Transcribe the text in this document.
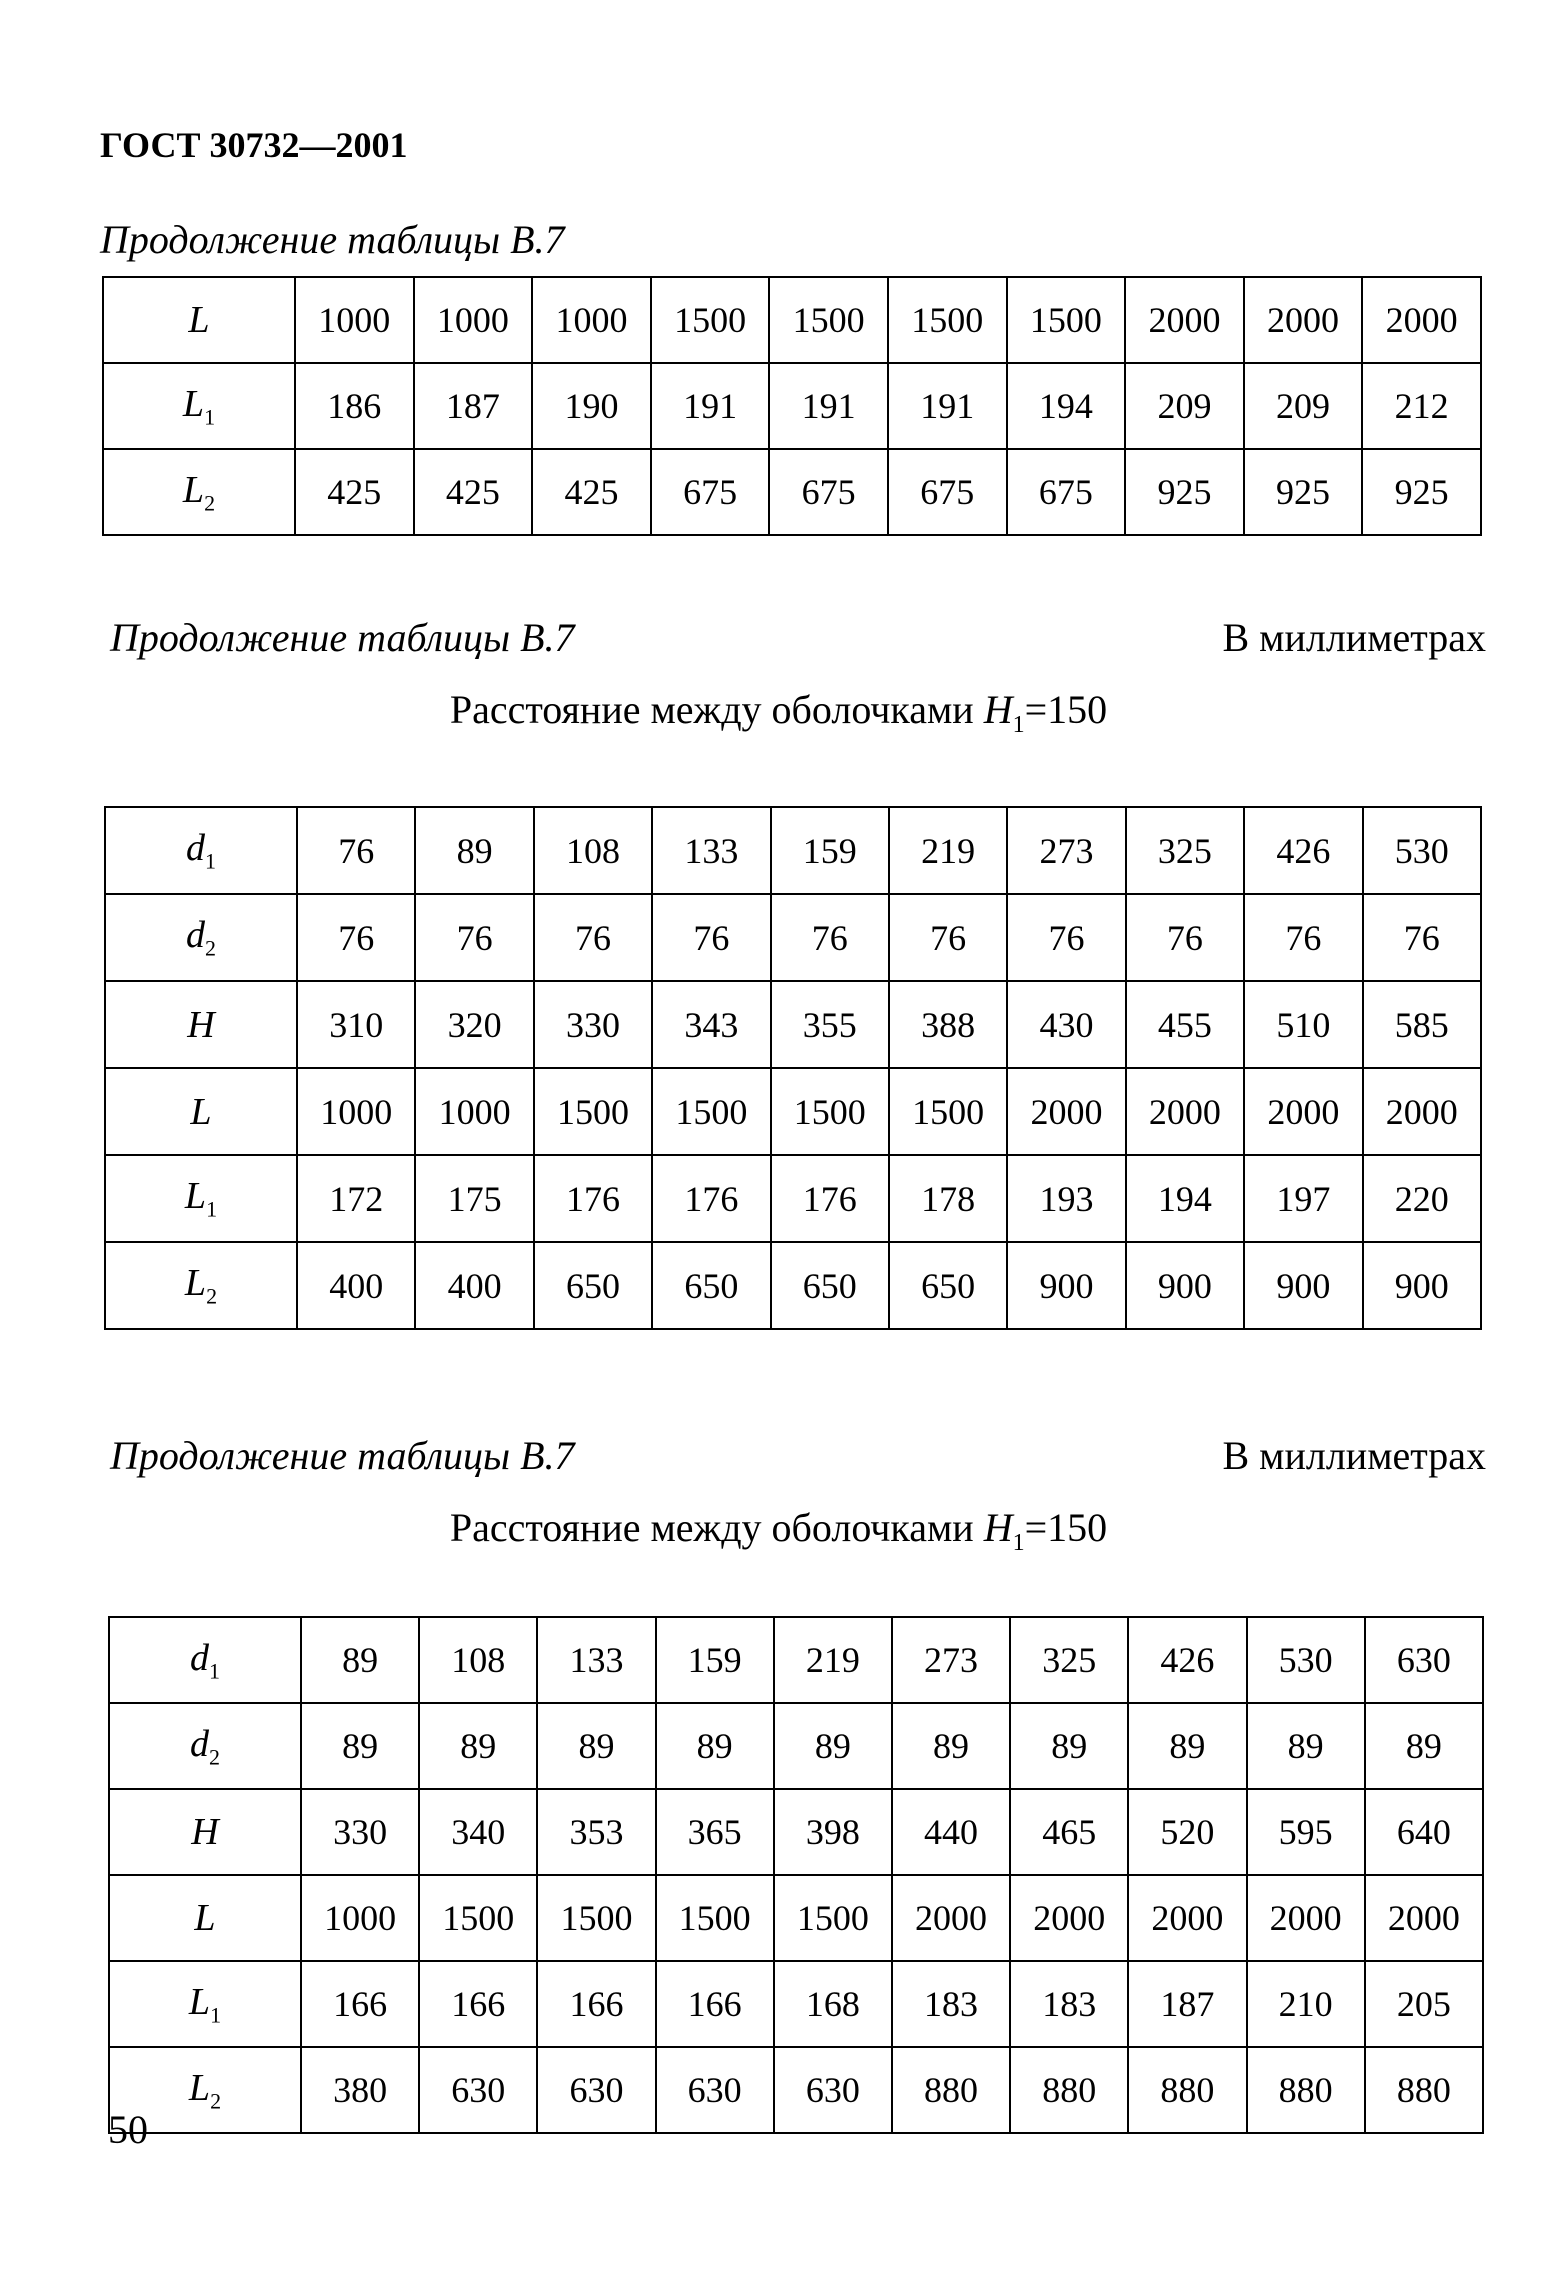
ГОСТ 30732—2001

Продолжение таблицы В.7

L	1000	1000	1000	1500	1500	1500	1500	2000	2000	2000
$L_1$	186	187	190	191	191	191	194	209	209	212
$L_2$	425	425	425	675	675	675	675	925	925	925

Продолжение таблицы В.7	В миллиметрах

Расстояние между оболочками $H_1=150$

$d_1$	76	89	108	133	159	219	273	325	426	530
$d_2$	76	76	76	76	76	76	76	76	76	76
H	310	320	330	343	355	388	430	455	510	585
L	1000	1000	1500	1500	1500	1500	2000	2000	2000	2000
$L_1$	172	175	176	176	176	178	193	194	197	220
$L_2$	400	400	650	650	650	650	900	900	900	900

Продолжение таблицы В.7	В миллиметрах

Расстояние между оболочками $H_1=150$

$d_1$	89	108	133	159	219	273	325	426	530	630
$d_2$	89	89	89	89	89	89	89	89	89	89
H	330	340	353	365	398	440	465	520	595	640
L	1000	1500	1500	1500	1500	2000	2000	2000	2000	2000
$L_1$	166	166	166	166	168	183	183	187	210	205
$L_2$	380	630	630	630	630	880	880	880	880	880

50
